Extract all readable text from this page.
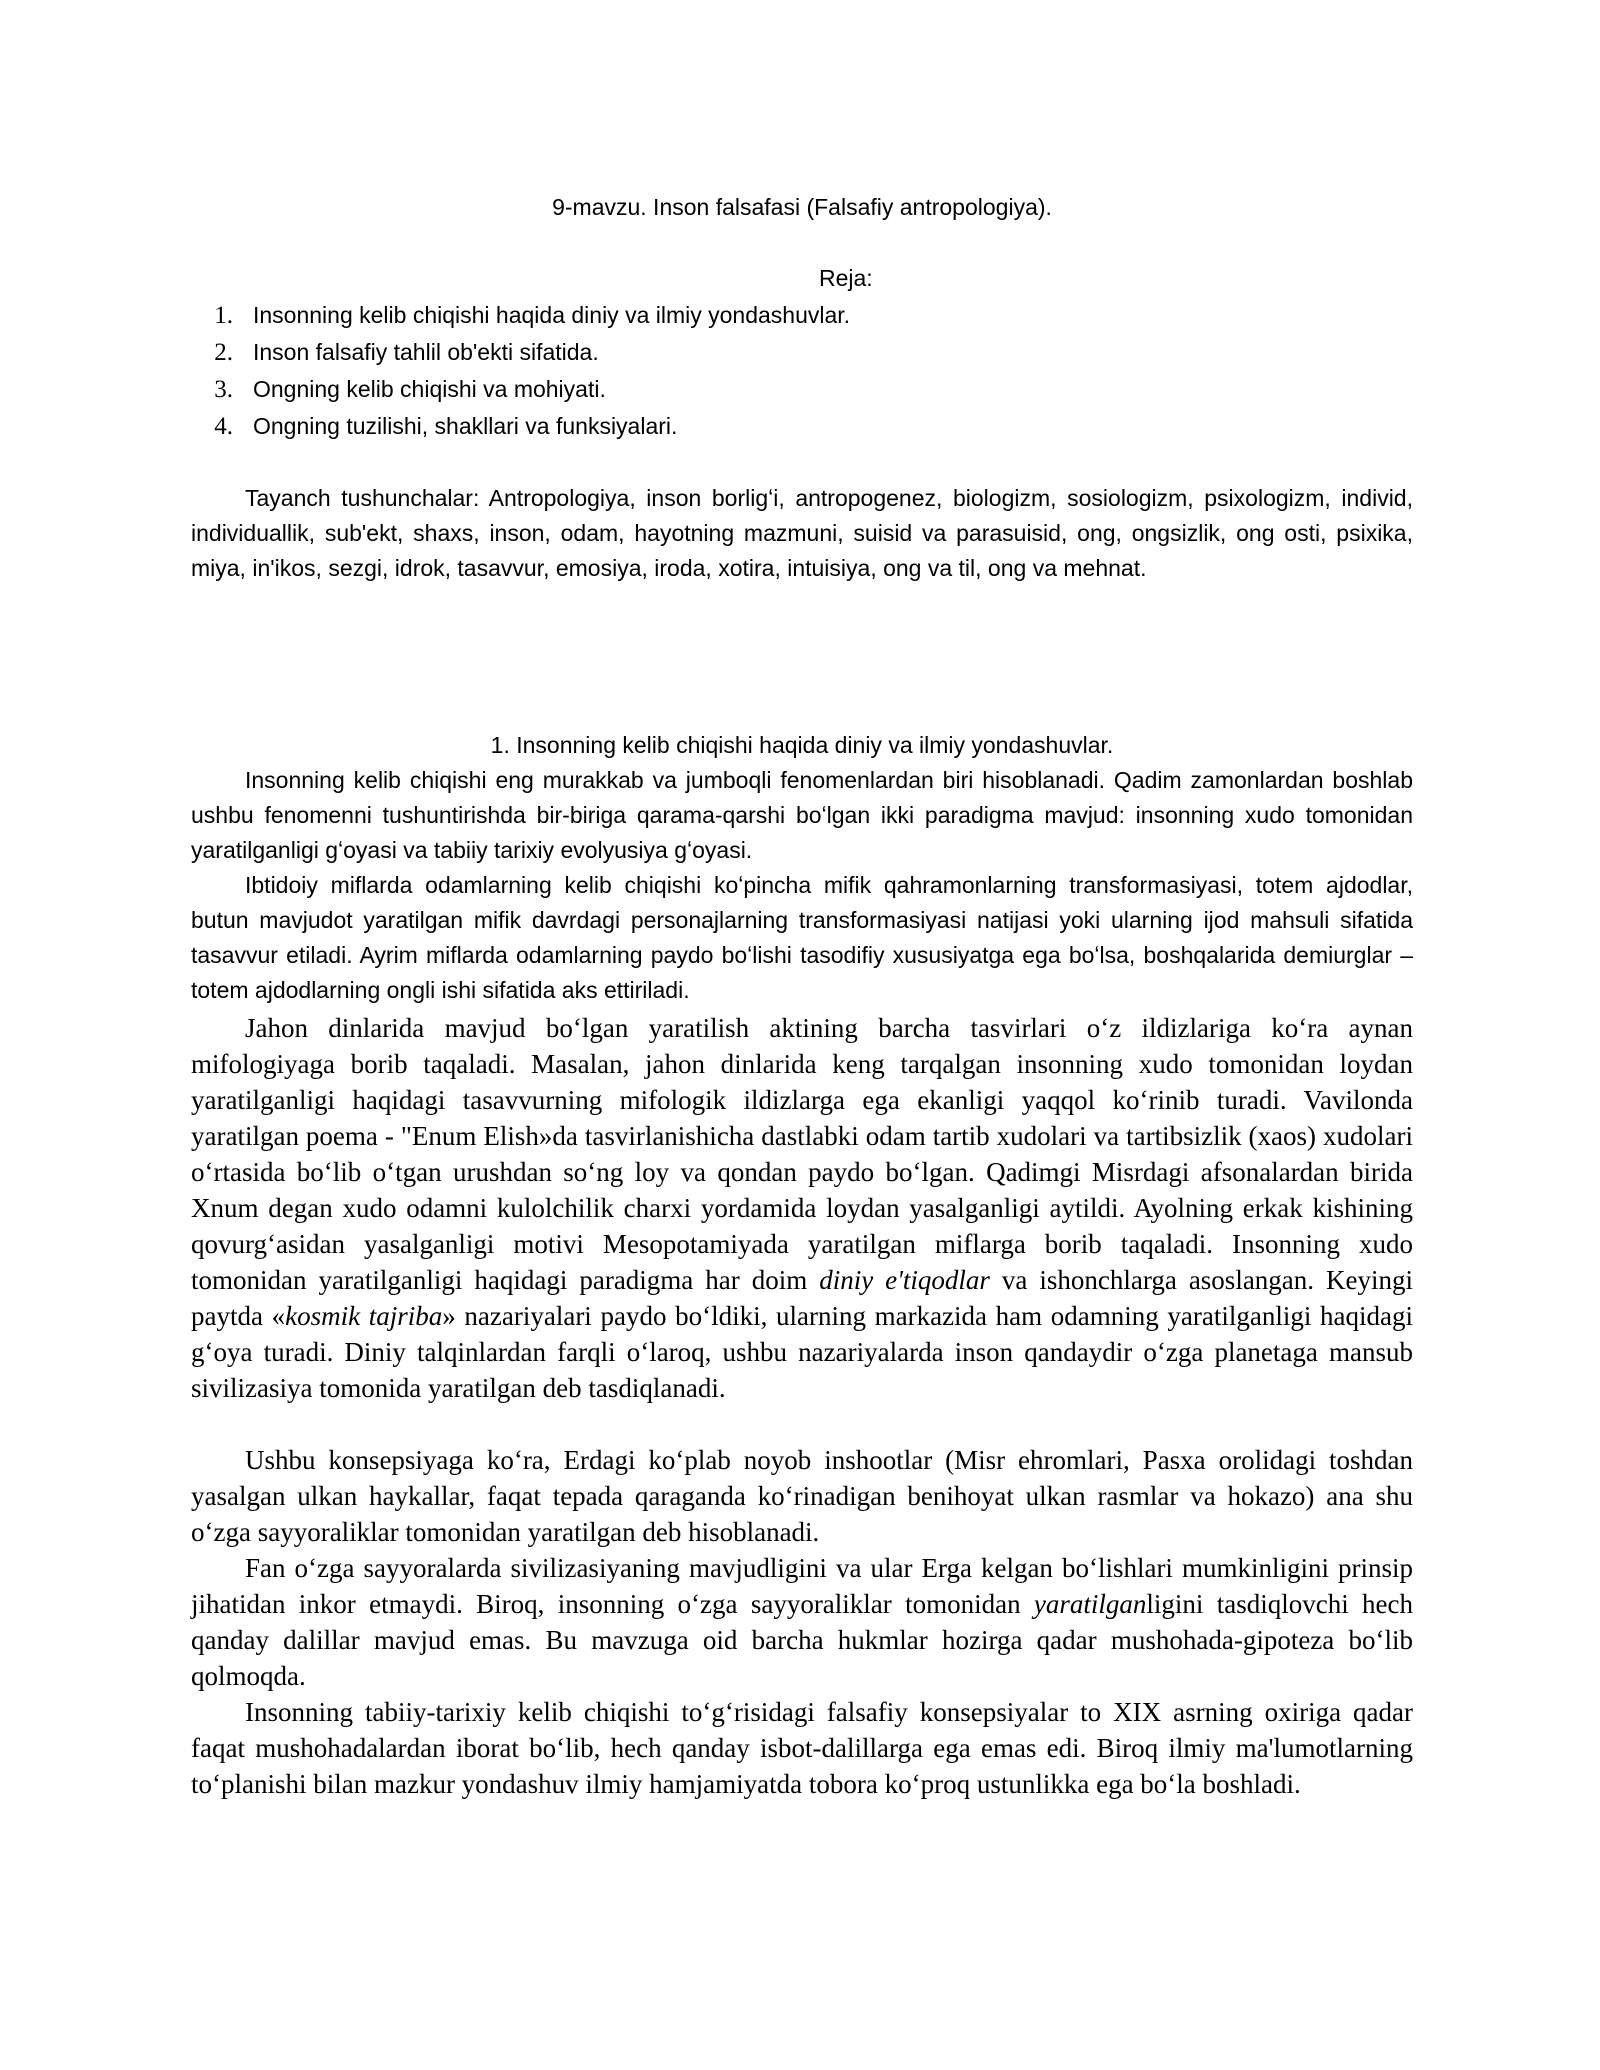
9-mavzu. Inson falsafasi (Falsafiy antropologiya).
Reja:
1. Insonning kelib chiqishi haqida diniy va ilmiy yondashuvlar.
2. Inson falsafiy tahlil ob'ekti sifatida.
3. Ongning kelib chiqishi va mohiyati.
4. Ongning tuzilishi, shakllari va funksiyalari.

Tayanch tushunchalar: Antropologiya, inson borligʻi, antropogenez, biologizm, sosiologizm, psixologizm, individ, individuallik, sub'ekt, shaxs, inson, odam, hayotning mazmuni, suisid va parasuisid, ong, ongsizlik, ong osti, psixika, miya, in'ikos, sezgi, idrok, tasavvur, emosiya, iroda, xotira, intuisiya, ong va til, ong va mehnat.

1. Insonning kelib chiqishi haqida diniy va ilmiy yondashuvlar.

Insonning kelib chiqishi eng murakkab va jumboqli fenomenlardan biri hisoblanadi. Qadim zamonlardan boshlab ushbu fenomenni tushuntirishda bir-biriga qarama-qarshi boʻlgan ikki paradigma mavjud: insonning xudo tomonidan yaratilganligi gʻoyasi va tabiiy tarixiy evolyusiya gʻoyasi.

Ibtidoiy miflarda odamlarning kelib chiqishi koʻpincha mifik qahramonlarning transformasiyasi, totem ajdodlar, butun mavjudot yaratilgan mifik davrdagi personajlarning transformasiyasi natijasi yoki ularning ijod mahsuli sifatida tasavvur etiladi. Ayrim miflarda odamlarning paydo boʻlishi tasodifiy xususiyatga ega boʻlsa, boshqalarida demiurglar – totem ajdodlarning ongli ishi sifatida aks ettiriladi.

Jahon dinlarida mavjud boʻlgan yaratilish aktining barcha tasvirlari oʻz ildizlariga koʻra aynan mifologiyaga borib taqaladi. Masalan, jahon dinlarida keng tarqalgan insonning xudo tomonidan loydan yaratilganligi haqidagi tasavvurning mifologik ildizlarga ega ekanligi yaqqol koʻrinib turadi. Vavilonda yaratilgan poema - "Enum Elish»da tasvirlanishicha dastlabki odam tartib xudolari va tartibsizlik (xaos) xudolari oʻrtasida boʻlib oʻtgan urushdan soʻng loy va qondan paydo boʻlgan. Qadimgi Misrdagi afsonalardan birida Xnum degan xudo odamni kulolchilik charxi yordamida loydan yasalganligi aytildi. Ayolning erkak kishining qovurgʻasidan yasalganligi motivi Mesopotamiyada yaratilgan miflarga borib taqaladi. Insonning xudo tomonidan yaratilganligi haqidagi paradigma har doim diniy e'tiqodlar va ishonchlarga asoslangan. Keyingi paytda «kosmik tajriba» nazariyalari paydo boʻldiki, ularning markazida ham odamning yaratilganligi haqidagi gʻoya turadi. Diniy talqinlardan farqli oʻlaroq, ushbu nazariyalarda inson qandaydir oʻzga planetaga mansub sivilizasiya tomonida yaratilgan deb tasdiqlanadi.

Ushbu konsepsiyaga koʻra, Erdagi koʻplab noyob inshootlar (Misr ehromlari, Pasxa orolidagi toshdan yasalgan ulkan haykallar, faqat tepada qaraganda koʻrinadigan benihoyat ulkan rasmlar va hokazo) ana shu oʻzga sayyoraliklar tomonidan yaratilgan deb hisoblanadi.

Fan oʻzga sayyoralarda sivilizasiyaning mavjudligini va ular Erga kelgan boʻlishlari mumkinligini prinsip jihatidan inkor etmaydi. Biroq, insonning oʻzga sayyoraliklar tomonidan yaratilganligini tasdiqlovchi hech qanday dalillar mavjud emas. Bu mavzuga oid barcha hukmlar hozirga qadar mushohada-gipoteza boʻlib qolmoqda.

Insonning tabiiy-tarixiy kelib chiqishi toʻgʻrisidagi falsafiy konsepsiyalar to XIX asrning oxiriga qadar faqat mushohadalardan iborat boʻlib, hech qanday isbot-dalillarga ega emas edi. Biroq ilmiy ma'lumotlarning toʻplanishi bilan mazkur yondashuv ilmiy hamjamiyatda tobora koʻproq ustunlikka ega boʻla boshladi.
